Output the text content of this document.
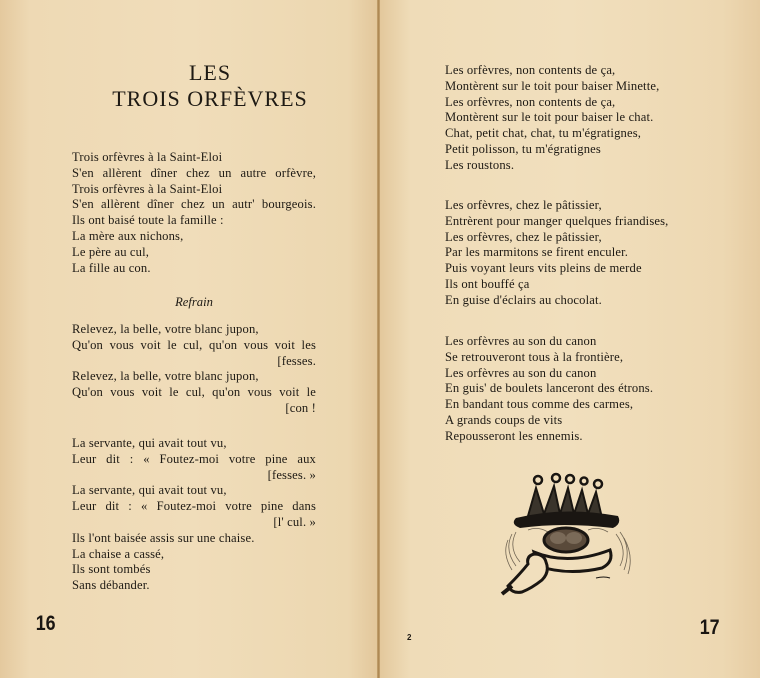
LES
TROIS ORFÈVRES
Trois orfèvres à la Saint-Eloi
S'en allèrent dîner chez un autre orfèvre,
Trois orfèvres à la Saint-Eloi
S'en allèrent dîner chez un autr' bourgeois.
Ils ont baisé toute la famille :
La mère aux nichons,
Le père au cul,
La fille au con.
Refrain
Relevez, la belle, votre blanc jupon,
Qu'on vous voit le cul, qu'on vous voit les
[fesses.
Relevez, la belle, votre blanc jupon,
Qu'on vous voit le cul, qu'on vous voit le
[con !
La servante, qui avait tout vu,
Leur dit : « Foutez-moi votre pine aux
[fesses. »
La servante, qui avait tout vu,
Leur dit : « Foutez-moi votre pine dans
[l' cul. »
Ils l'ont baisée assis sur une chaise.
La chaise a cassé,
Ils sont tombés
Sans débander.
16
Les orfèvres, non contents de ça,
Montèrent sur le toit pour baiser Minette,
Les orfèvres, non contents de ça,
Montèrent sur le toit pour baiser le chat.
Chat, petit chat, chat, tu m'égratignes,
Petit polisson, tu m'égratignes
Les roustons.
Les orfèvres, chez le pâtissier,
Entrèrent pour manger quelques friandises,
Les orfèvres, chez le pâtissier,
Par les marmitons se firent enculer.
Puis voyant leurs vits pleins de merde
Ils ont bouffé ça
En guise d'éclairs au chocolat.
Les orfèvres au son du canon
Se retrouveront tous à la frontière,
Les orfèvres au son du canon
En guis' de boulets lanceront des étrons.
En bandant tous comme des carmes,
A grands coups de vits
Repousseront les ennemis.
2	17
